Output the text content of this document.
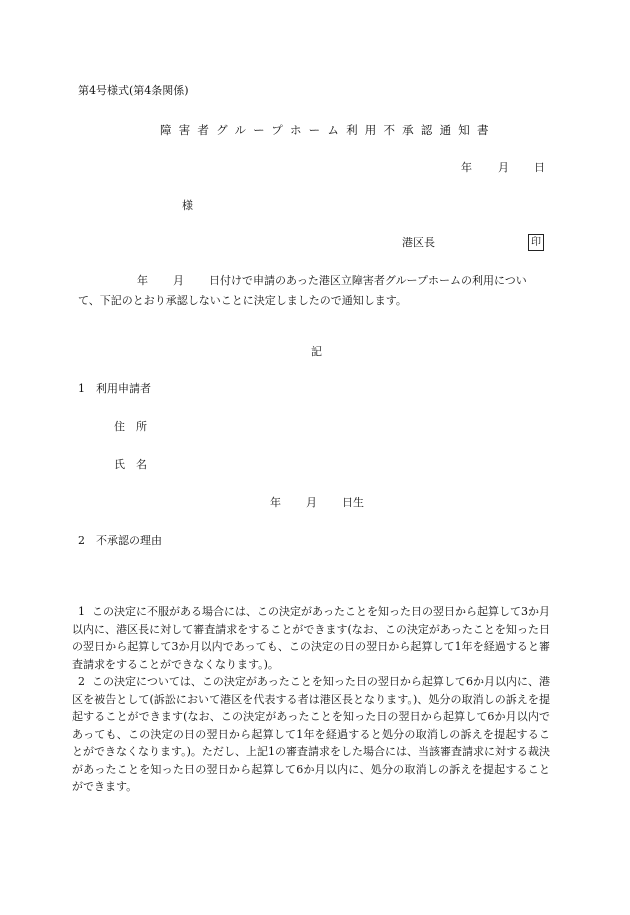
第4号様式(第4条関係)
障害者グループホーム利用不承認通知書
年 月 日
様
港区長	印
年 月 日付けで申請のあった港区立障害者グループホームの利用につい
て、下記のとおり承認しないことに決定しましたので通知します。
記
1 利用申請者
住　所
氏　名
年 月 日生
2 不承認の理由
1 この決定に不服がある場合には、この決定があったことを知った日の翌日から起算して3か月以内に、港区長に対して審査請求をすることができます(なお、この決定があったことを知った日の翌日から起算して3か月以内であっても、この決定の日の翌日から起算して1年を経過すると審査請求をすることができなくなります。)。
2 この決定については、この決定があったことを知った日の翌日から起算して6か月以内に、港区を被告として(訴訟において港区を代表する者は港区長となります。)、処分の取消しの訴えを提起することができます(なお、この決定があったことを知った日の翌日から起算して6か月以内であっても、この決定の日の翌日から起算して1年を経過すると処分の取消しの訴えを提起することができなくなります。)。ただし、上記1の審査請求をした場合には、当該審査請求に対する裁決があったことを知った日の翌日から起算して6か月以内に、処分の取消しの訴えを提起することができます。
